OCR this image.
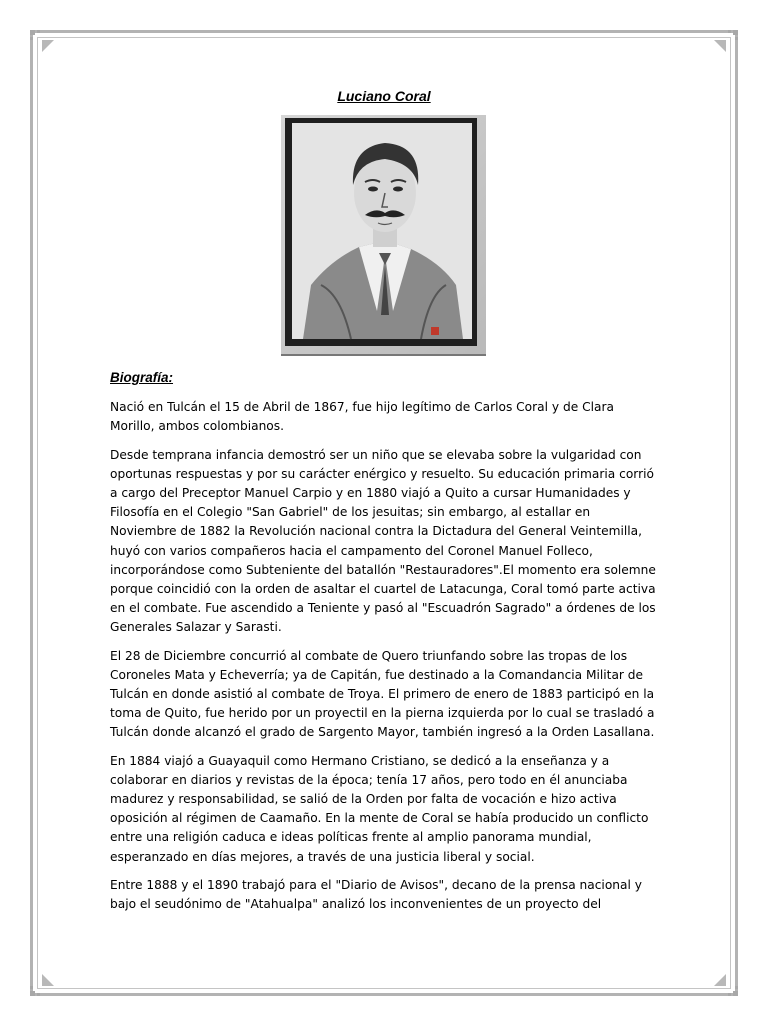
Luciano Coral
Biografía:

Nació en Tulcán el 15 de Abril de 1867, fue hijo legítimo de Carlos Coral y de Clara Morillo, ambos colombianos.

Desde temprana infancia demostró ser un niño que se elevaba sobre la vulgaridad con oportunas respuestas y por su carácter enérgico y resuelto. Su educación primaria corrió a cargo del Preceptor Manuel Carpio y en 1880 viajó a Quito a cursar Humanidades y Filosofía en el Colegio "San Gabriel" de los jesuitas; sin embargo, al estallar en Noviembre de 1882 la Revolución nacional contra la Dictadura del General Veintemilla, huyó con varios compañeros hacia el campamento del Coronel Manuel Folleco, incorporándose como Subteniente del batallón "Restauradores".El momento era solemne porque coincidió con la orden de asaltar el cuartel de Latacunga, Coral tomó parte activa en el combate. Fue ascendido a Teniente y pasó al "Escuadrón Sagrado" a órdenes de los Generales Salazar y Sarasti.

El 28 de Diciembre concurrió al combate de Quero triunfando sobre las tropas de los Coroneles Mata y Echeverría; ya de Capitán, fue destinado a la Comandancia Militar de Tulcán en donde asistió al combate de Troya. El primero de enero de 1883 participó en la toma de Quito, fue herido por un proyectil en la pierna izquierda por lo cual se trasladó a Tulcán donde alcanzó el grado de Sargento Mayor, también ingresó a la Orden Lasallana.

En 1884 viajó a Guayaquil como Hermano Cristiano, se dedicó a la enseñanza y a colaborar en diarios y revistas de la época; tenía 17 años, pero todo en él anunciaba madurez y responsabilidad, se salió de la Orden por falta de vocación e hizo activa oposición al régimen de Caamaño. En la mente de Coral se había producido un conflicto entre una religión caduca e ideas políticas frente al amplio panorama mundial, esperanzado en días mejores, a través de una justicia liberal y social.

Entre 1888 y el 1890 trabajó para el "Diario de Avisos", decano de la prensa nacional y bajo el seudónimo de "Atahualpa" analizó los inconvenientes de un proyecto del
